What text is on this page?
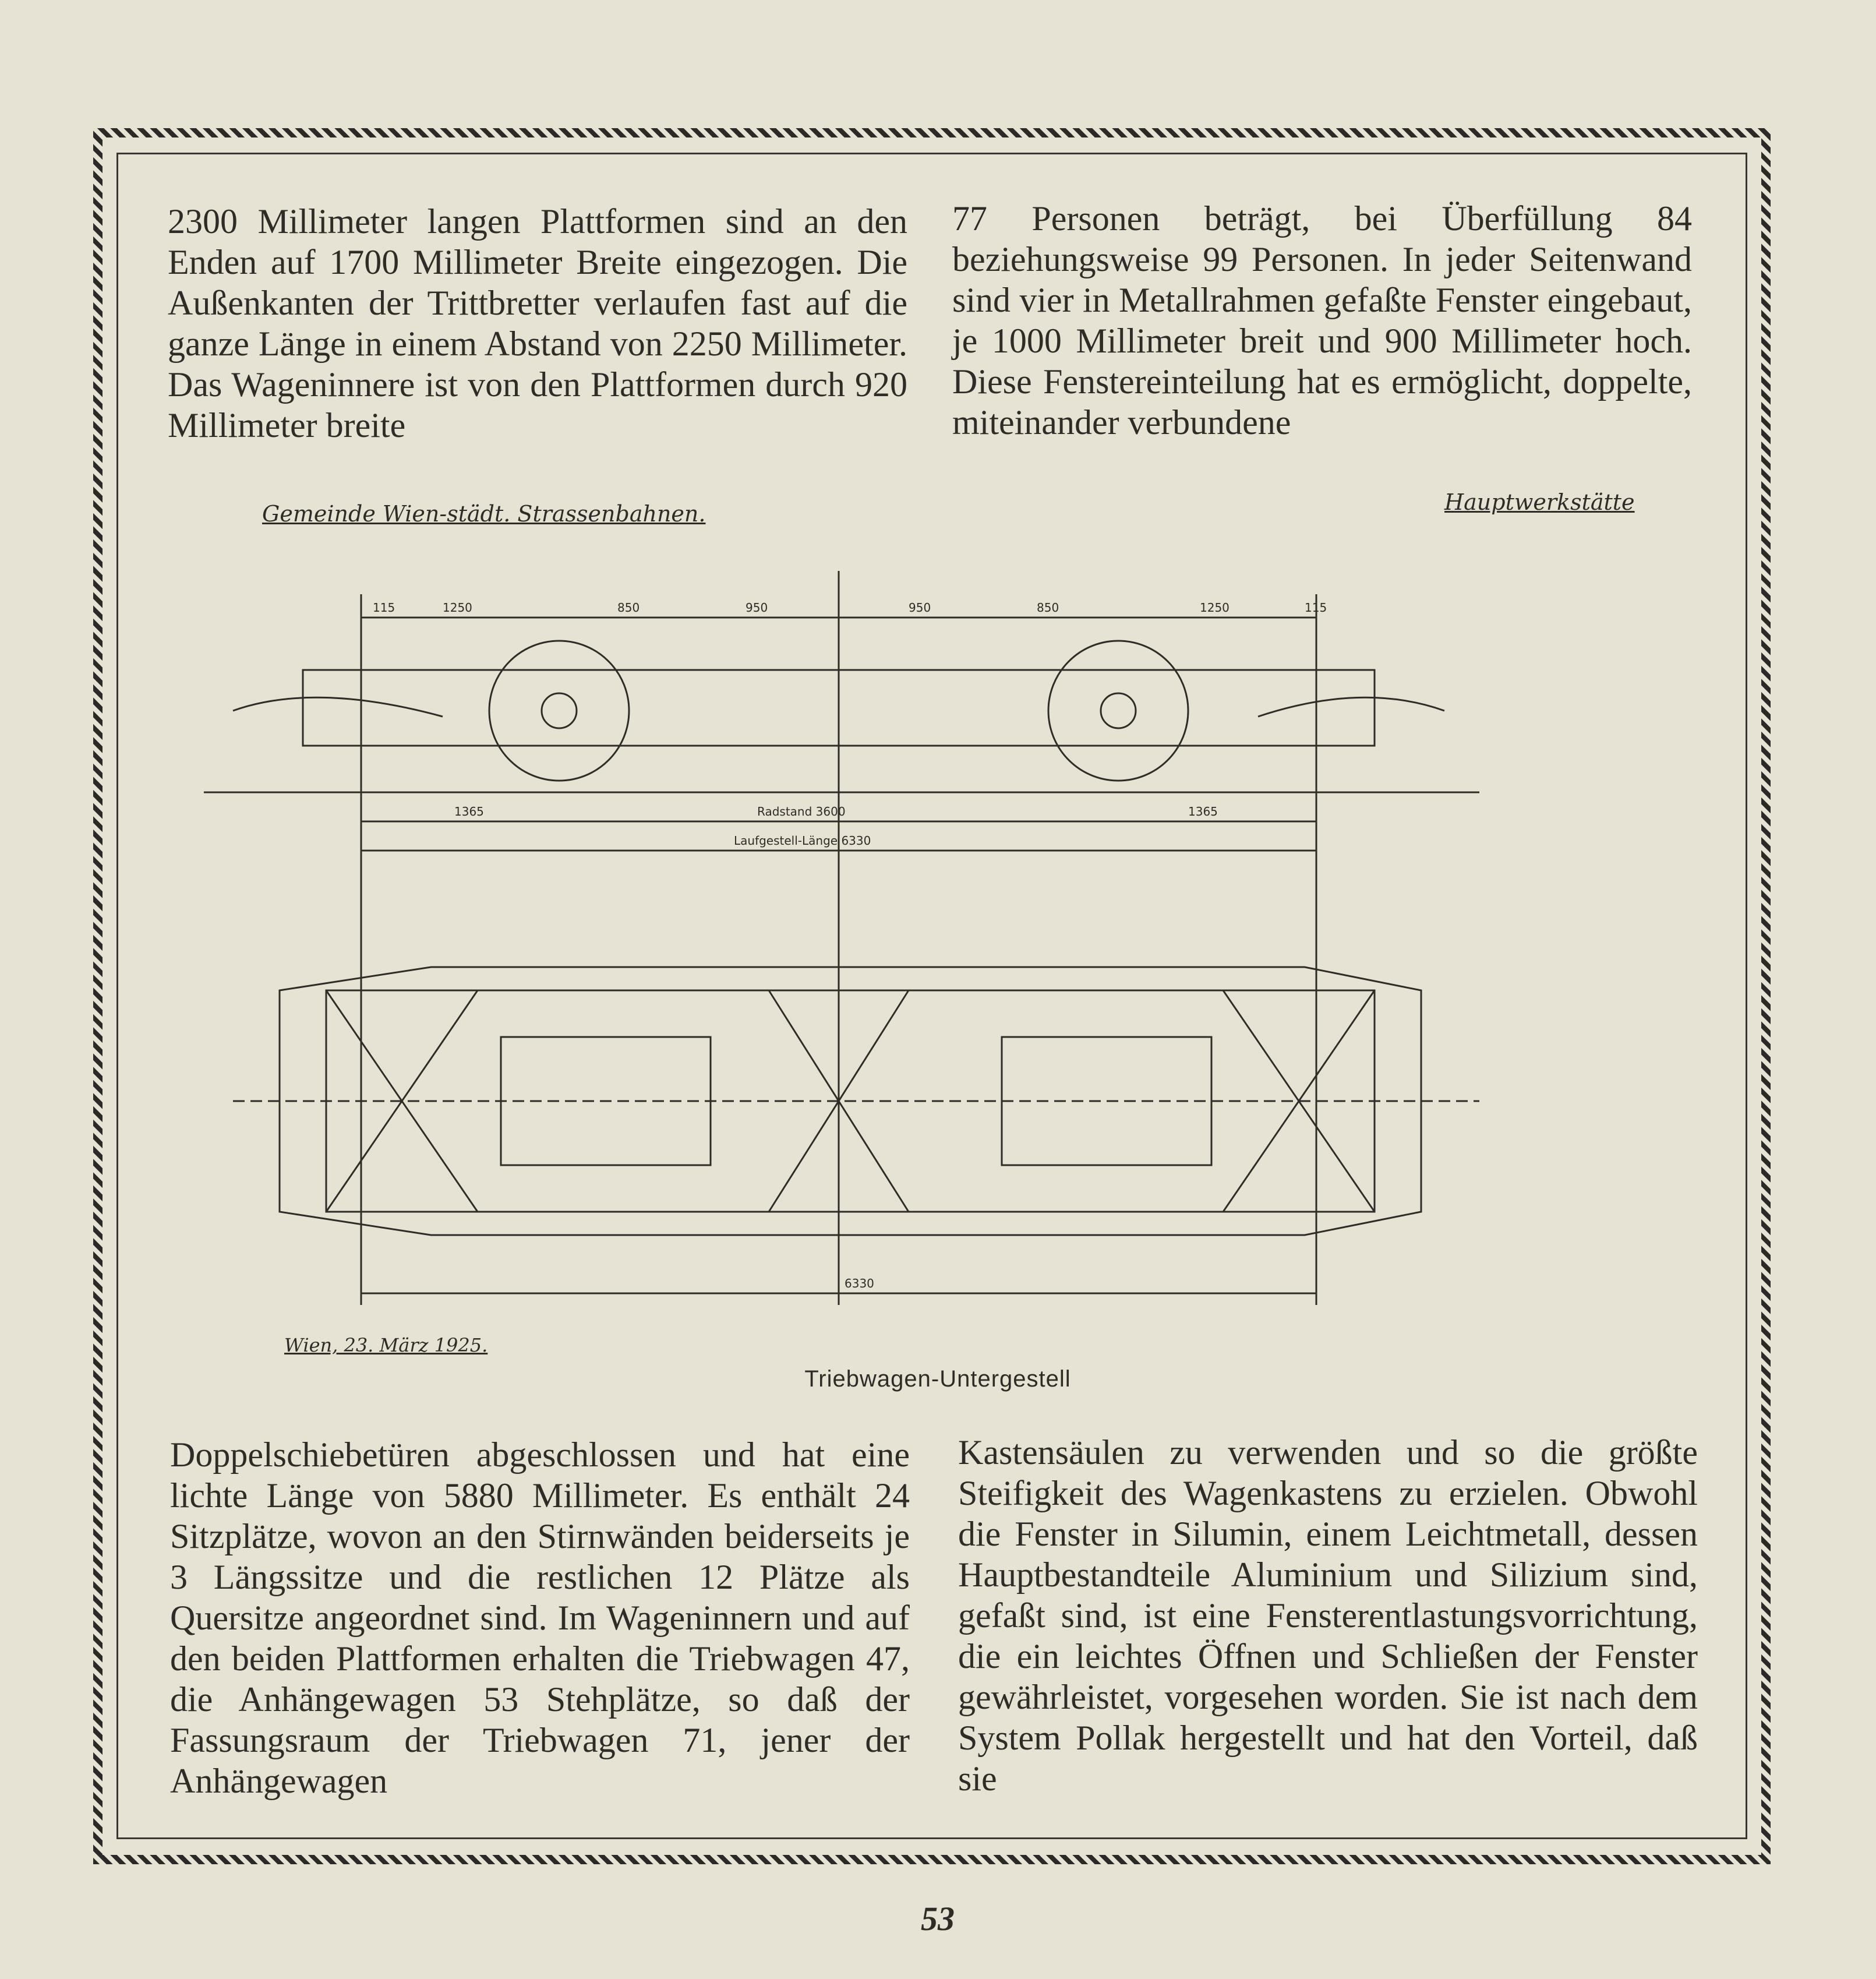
2300 Millimeter langen Plattformen sind an den Enden auf 1700 Millimeter Breite eingezogen. Die Außenkanten der Trittbretter verlaufen fast auf die ganze Länge in einem Abstand von 2250 Millimeter. Das Wageninnere ist von den Plattformen durch 920 Millimeter breite

77 Personen beträgt, bei Überfüllung 84 beziehungsweise 99 Personen. In jeder Seitenwand sind vier in Metallrahmen gefaßte Fenster eingebaut, je 1000 Millimeter breit und 900 Millimeter hoch. Diese Fenstereinteilung hat es ermöglicht, doppelte, miteinander verbundene

Gemeinde Wien-städt. Strassenbahnen.	Hauptwerkstätte
115	1250	850	950	950	850	1250	115
1365	1365
Radstand 3600
Laufgestell-Länge 6330
6330
Wien, 23. März 1925.
Triebwagen-Untergestell

Doppelschiebetüren abgeschlossen und hat eine lichte Länge von 5880 Millimeter. Es enthält 24 Sitzplätze, wovon an den Stirnwänden beiderseits je 3 Längssitze und die restlichen 12 Plätze als Quersitze angeordnet sind. Im Wageninnern und auf den beiden Plattformen erhalten die Triebwagen 47, die Anhängewagen 53 Stehplätze, so daß der Fassungsraum der Triebwagen 71, jener der Anhängewagen

Kastensäulen zu verwenden und so die größte Steifigkeit des Wagenkastens zu erzielen. Obwohl die Fenster in Silumin, einem Leichtmetall, dessen Hauptbestandteile Aluminium und Silizium sind, gefaßt sind, ist eine Fensterentlastungsvorrichtung, die ein leichtes Öffnen und Schließen der Fenster gewährleistet, vorgesehen worden. Sie ist nach dem System Pollak hergestellt und hat den Vorteil, daß sie

53
